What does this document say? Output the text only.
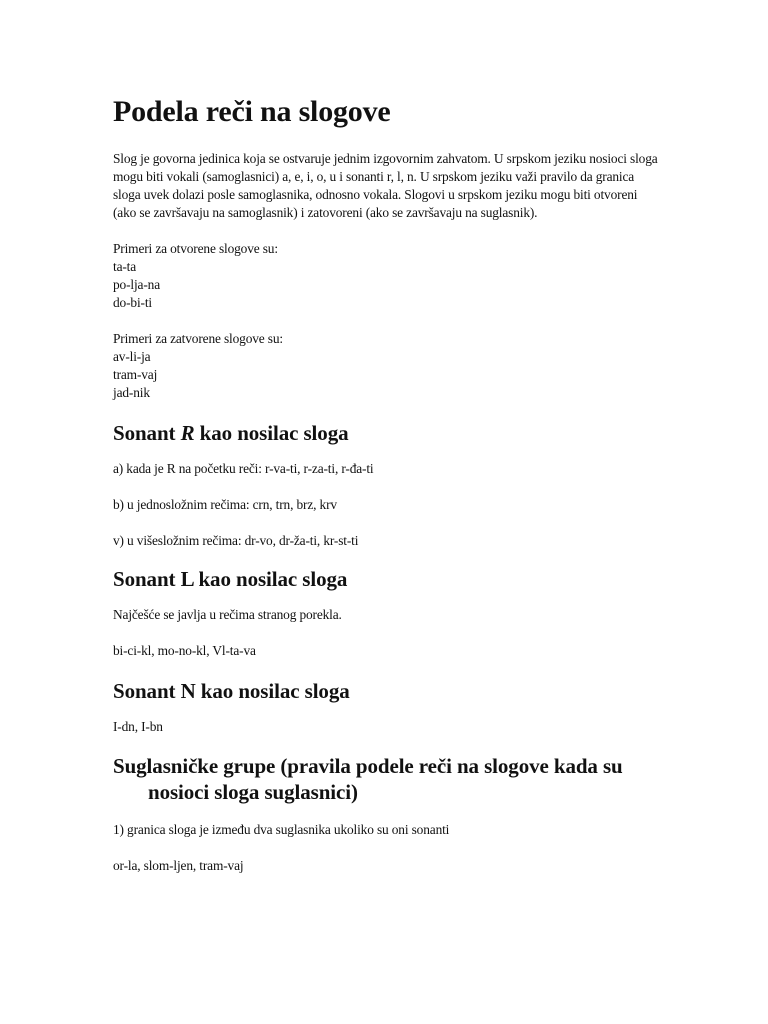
Podela reči na slogove

Slog je govorna jedinica koja se ostvaruje jednim izgovornim zahvatom. U srpskom jeziku nosioci sloga mogu biti vokali (samoglasnici) a, e, i, o, u i sonanti r, l, n. U srpskom jeziku važi pravilo da granica sloga uvek dolazi posle samoglasnika, odnosno vokala. Slogovi u srpskom jeziku mogu biti otvoreni (ako se završavaju na samoglasnik) i zatovoreni (ako se završavaju na suglasnik).

Primeri za otvorene slogove su:

ta-ta

po-lja-na

do-bi-ti

Primeri za zatvorene slogove su:

av-li-ja

tram-vaj

jad-nik

Sonant R kao nosilac sloga

a) kada je R na početku reči: r-va-ti, r-za-ti, r-đa-ti

b) u jednosložnim rečima: crn, trn, brz, krv

v) u višesložnim rečima: dr-vo, dr-ža-ti, kr-st-ti

Sonant L kao nosilac sloga

Najčešće se javlja u rečima stranog porekla.

bi-ci-kl, mo-no-kl, Vl-ta-va

Sonant N kao nosilac sloga

I-dn, I-bn

Suglasničke grupe (pravila podele reči na slogove kada su nosioci sloga suglasnici)

1) granica sloga je između dva suglasnika ukoliko su oni sonanti

or-la, slom-ljen, tram-vaj
